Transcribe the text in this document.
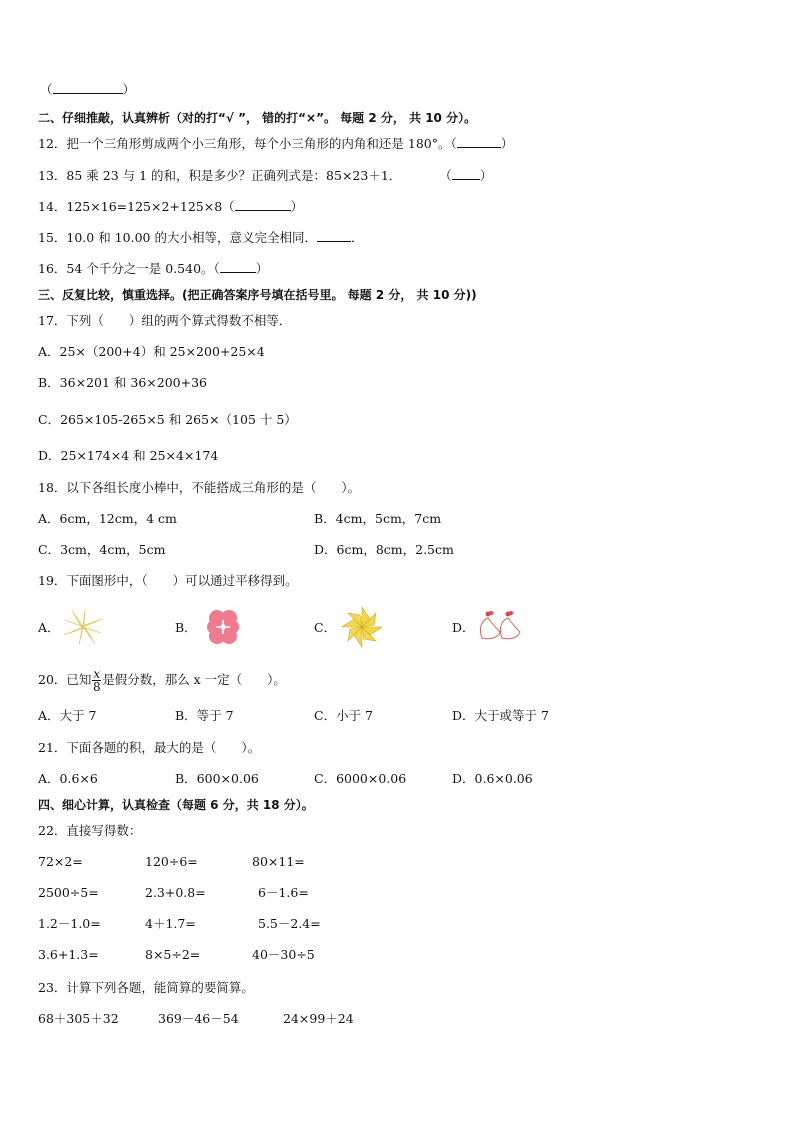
（	）
二、仔细推敲，认真辨析（对的打“√ ”， 错的打“×”。 每题 2 分， 共 10 分）。
12．把一个三角形剪成两个小三角形，每个小三角形的内角和还是 180°。（	）
13．85 乘 23 与 1 的和，积是多少？正确列式是：85×23＋1．	（ ）
14．125×16=125×2+125×8（	）
15．10.0 和 10.00 的大小相等，意义完全相同．	．
16．54 个千分之一是 0.540。（	）
三、反复比较，慎重选择。(把正确答案序号填在括号里。 每题 2 分， 共 10 分))
17．下列（　　）组的两个算式得数不相等．
A．25×（200+4）和 25×200+25×4
B．36×201 和 36×200+36
C．265×105-265×5 和 265×（105 十 5）
D．25×174×4 和 25×4×174
18．以下各组长度小棒中，不能搭成三角形的是（　　）。
A．6cm，12cm，4 cm	B．4cm，5cm，7cm
C．3cm，4cm，5cm	D．6cm，8cm，2.5cm
19．下面图形中，（　　）可以通过平移得到。
A．	B．	C．	D．
20．已知 $\frac{x}{8}$ 是假分数，那么 x 一定（　　）。
A．大于 7	B．等于 7	C．小于 7	D．大于或等于 7
21．下面各题的积，最大的是（　　）。
A．0.6×6	B．600×0.06	C．6000×0.06	D．0.6×0.06
四、细心计算，认真检查（每题 6 分，共 18 分）。
22．直接写得数：
72×2=	120÷6=	80×11=
2500÷5=	2.3+0.8=	6－1.6=
1.2－1.0=	4＋1.7=	5.5－2.4=
3.6+1.3=	8×5÷2=	40－30÷5
23．计算下列各题，能简算的要简算。
68＋305＋32	369－46－54	24×99＋24
